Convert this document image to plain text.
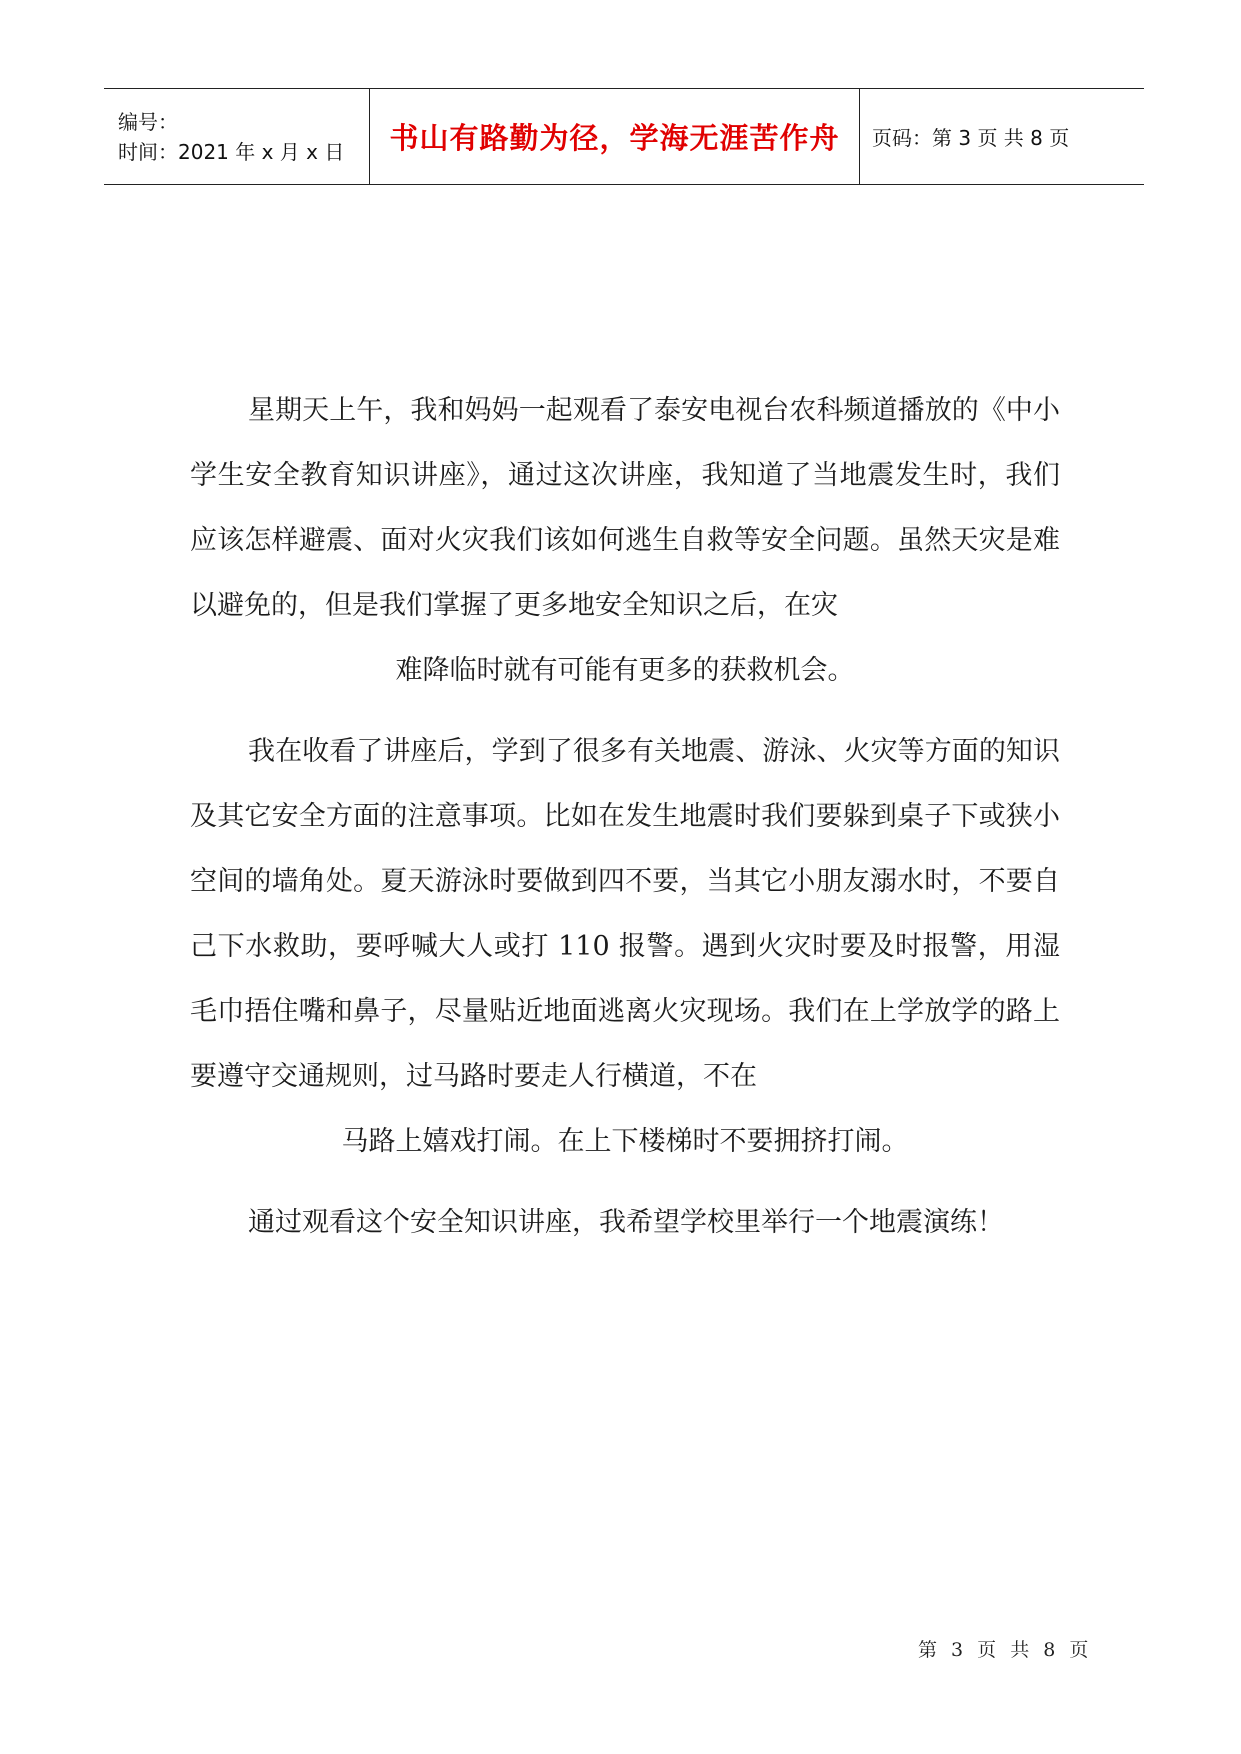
编号：
时间：2021 年 x 月 x 日	书山有路勤为径，学海无涯苦作舟	页码：第 3 页 共 8 页

星期天上午，我和妈妈一起观看了泰安电视台农科频道播放的《中小学生安全教育知识讲座》，通过这次讲座，我知道了当地震发生时，我们应该怎样避震、面对火灾我们该如何逃生自救等安全问题。虽然天灾是难以避免的，但是我们掌握了更多地安全知识之后，在灾

难降临时就有可能有更多的获救机会。

我在收看了讲座后，学到了很多有关地震、游泳、火灾等方面的知识及其它安全方面的注意事项。比如在发生地震时我们要躲到桌子下或狭小空间的墙角处。夏天游泳时要做到四不要，当其它小朋友溺水时，不要自己下水救助，要呼喊大人或打 110 报警。遇到火灾时要及时报警，用湿毛巾捂住嘴和鼻子，尽量贴近地面逃离火灾现场。我们在上学放学的路上要遵守交通规则，过马路时要走人行横道，不在

马路上嬉戏打闹。在上下楼梯时不要拥挤打闹。

通过观看这个安全知识讲座，我希望学校里举行一个地震演练！

第 3 页 共 8 页
